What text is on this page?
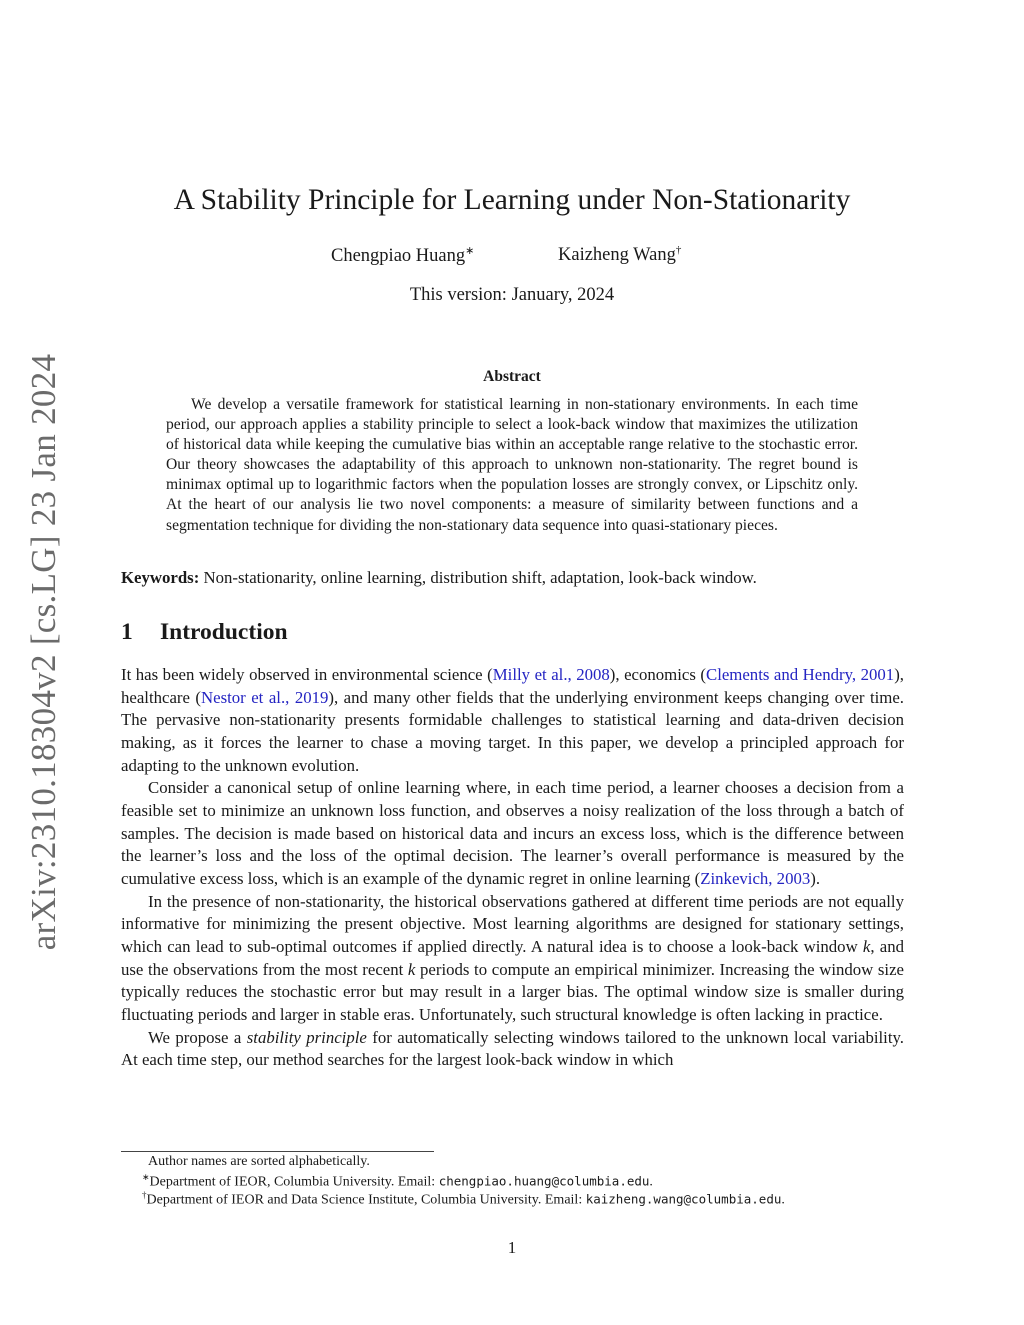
arXiv:2310.18304v2 [cs.LG] 23 Jan 2024
A Stability Principle for Learning under Non-Stationarity
Chengpiao Huang∗	Kaizheng Wang†
This version: January, 2024
Abstract

We develop a versatile framework for statistical learning in non-stationary environments. In each time period, our approach applies a stability principle to select a look-back window that maximizes the utilization of historical data while keeping the cumulative bias within an acceptable range relative to the stochastic error. Our theory showcases the adaptability of this approach to unknown non-stationarity. The regret bound is minimax optimal up to logarithmic factors when the population losses are strongly convex, or Lipschitz only. At the heart of our analysis lie two novel components: a measure of similarity between functions and a segmentation technique for dividing the non-stationary data sequence into quasi-stationary pieces.

Keywords: Non-stationarity, online learning, distribution shift, adaptation, look-back window.
1 Introduction

It has been widely observed in environmental science (Milly et al., 2008), economics (Clements and Hendry, 2001), healthcare (Nestor et al., 2019), and many other fields that the underlying environment keeps changing over time. The pervasive non-stationarity presents formidable challenges to statistical learning and data-driven decision making, as it forces the learner to chase a moving target. In this paper, we develop a principled approach for adapting to the unknown evolution.

Consider a canonical setup of online learning where, in each time period, a learner chooses a decision from a feasible set to minimize an unknown loss function, and observes a noisy realization of the loss through a batch of samples. The decision is made based on historical data and incurs an excess loss, which is the difference between the learner’s loss and the loss of the optimal decision. The learner’s overall performance is measured by the cumulative excess loss, which is an example of the dynamic regret in online learning (Zinkevich, 2003).

In the presence of non-stationarity, the historical observations gathered at different time periods are not equally informative for minimizing the present objective. Most learning algorithms are designed for stationary settings, which can lead to sub-optimal outcomes if applied directly. A natural idea is to choose a look-back window k, and use the observations from the most recent k periods to compute an empirical minimizer. Increasing the window size typically reduces the stochastic error but may result in a larger bias. The optimal window size is smaller during fluctuating periods and larger in stable eras. Unfortunately, such structural knowledge is often lacking in practice.

We propose a stability principle for automatically selecting windows tailored to the unknown local variability. At each time step, our method searches for the largest look-back window in which

Author names are sorted alphabetically.
∗Department of IEOR, Columbia University. Email: chengpiao.huang@columbia.edu.
†Department of IEOR and Data Science Institute, Columbia University. Email: kaizheng.wang@columbia.edu.
1
